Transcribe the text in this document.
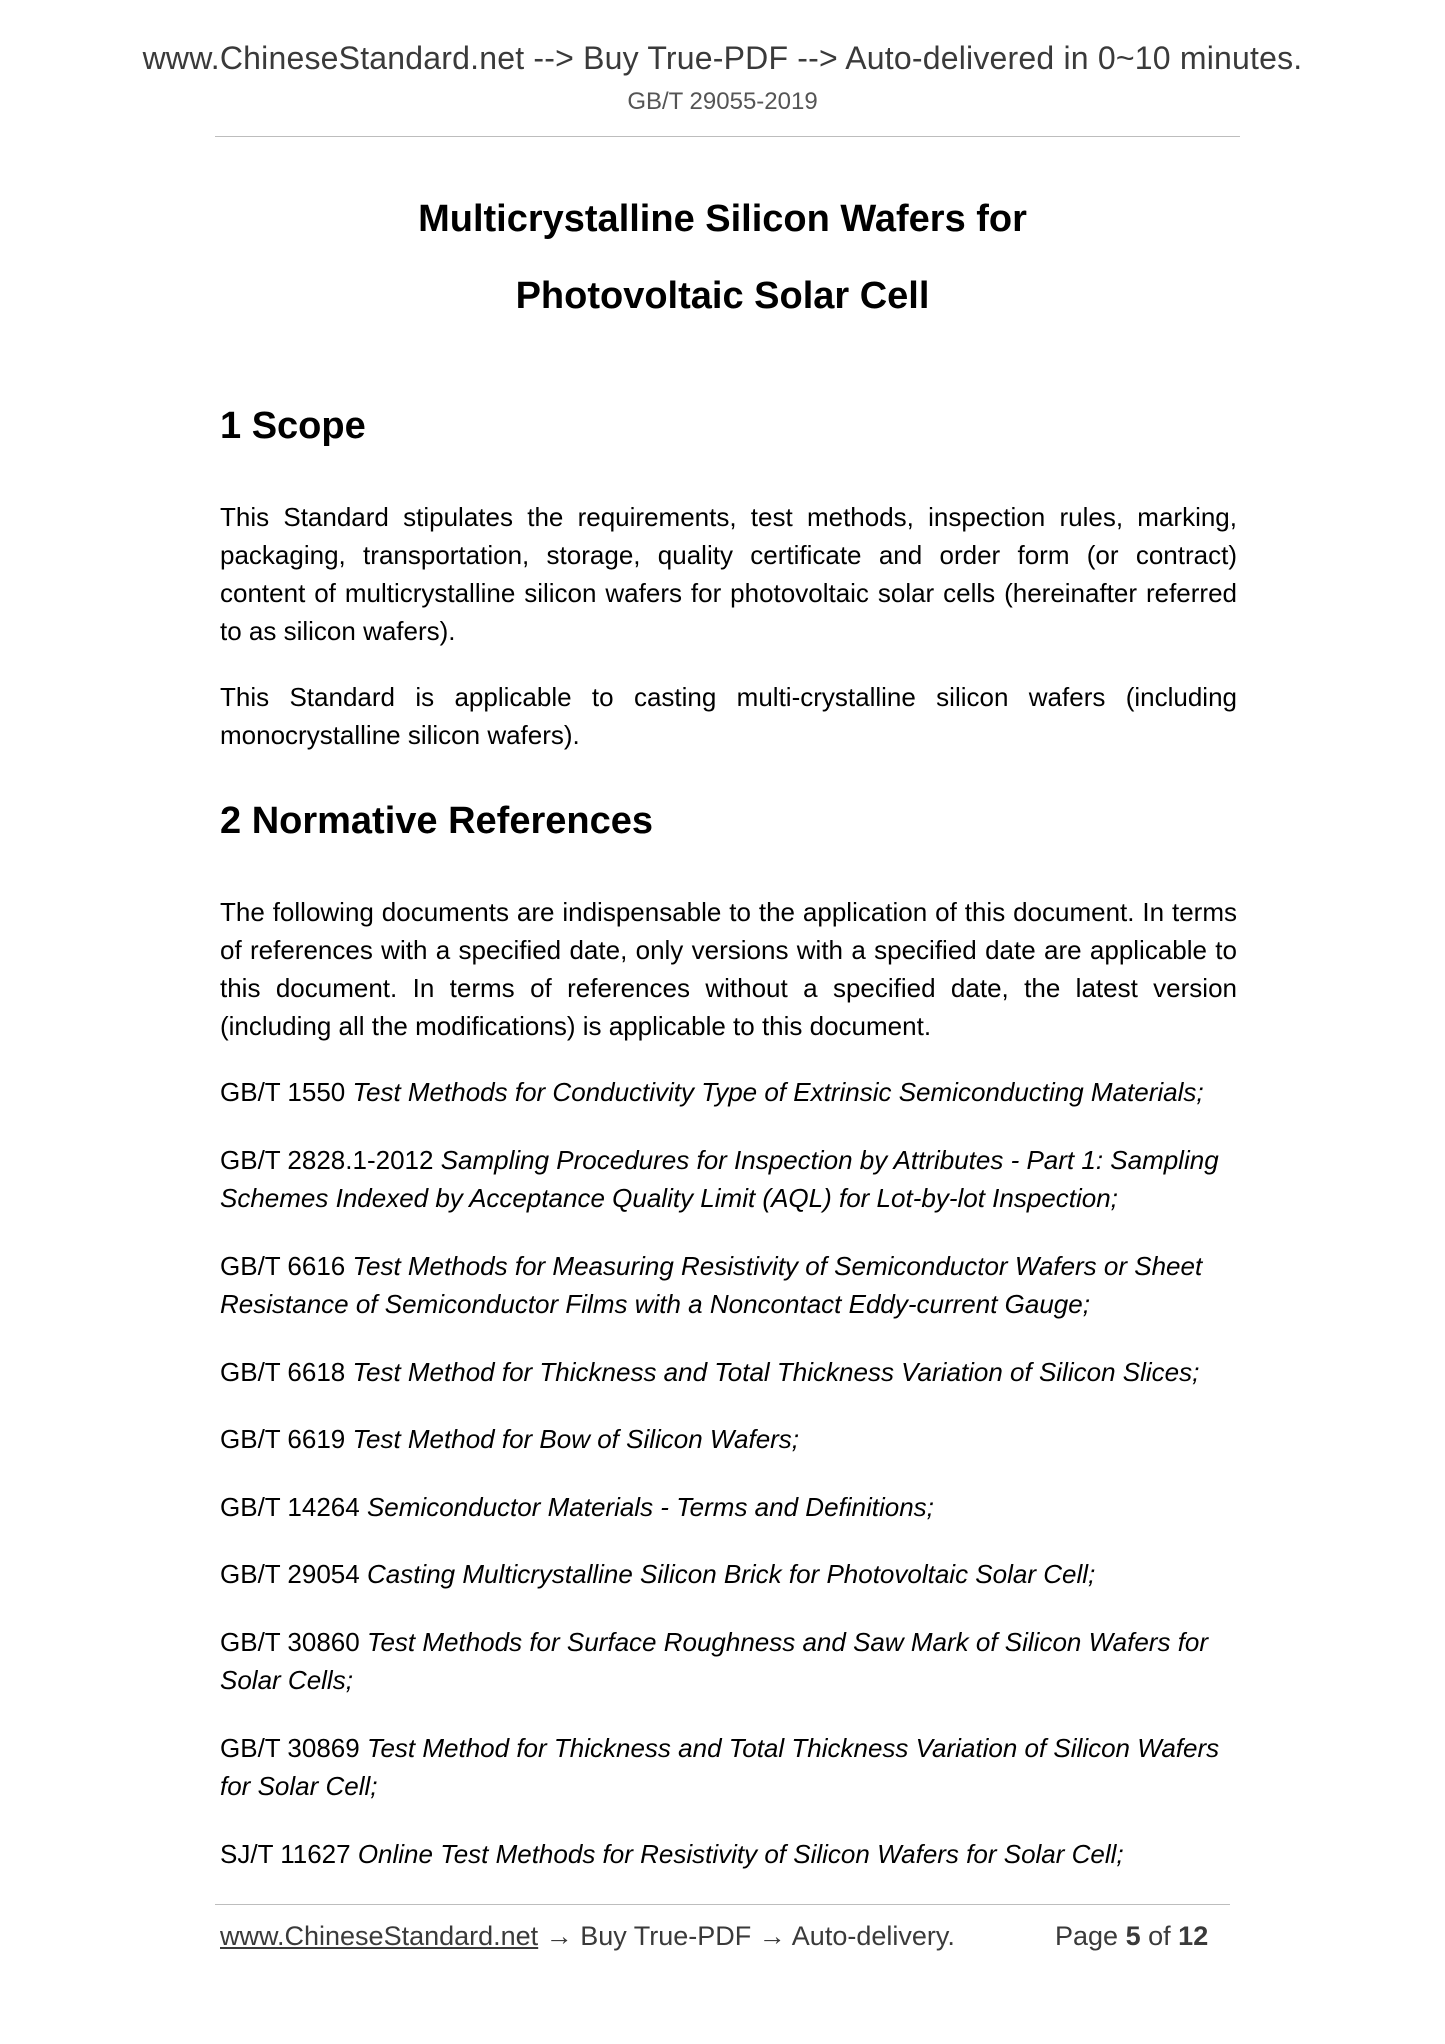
www.ChineseStandard.net --> Buy True-PDF --> Auto-delivered in 0~10 minutes.
GB/T 29055-2019
Multicrystalline Silicon Wafers for
Photovoltaic Solar Cell
1 Scope
This Standard stipulates the requirements, test methods, inspection rules, marking, packaging, transportation, storage, quality certificate and order form (or contract) content of multicrystalline silicon wafers for photovoltaic solar cells (hereinafter referred to as silicon wafers).
This Standard is applicable to casting multi-crystalline silicon wafers (including monocrystalline silicon wafers).
2 Normative References
The following documents are indispensable to the application of this document. In terms of references with a specified date, only versions with a specified date are applicable to this document. In terms of references without a specified date, the latest version (including all the modifications) is applicable to this document.
GB/T 1550 Test Methods for Conductivity Type of Extrinsic Semiconducting Materials;
GB/T 2828.1-2012 Sampling Procedures for Inspection by Attributes - Part 1: Sampling Schemes Indexed by Acceptance Quality Limit (AQL) for Lot-by-lot Inspection;
GB/T 6616 Test Methods for Measuring Resistivity of Semiconductor Wafers or Sheet Resistance of Semiconductor Films with a Noncontact Eddy-current Gauge;
GB/T 6618 Test Method for Thickness and Total Thickness Variation of Silicon Slices;
GB/T 6619 Test Method for Bow of Silicon Wafers;
GB/T 14264 Semiconductor Materials - Terms and Definitions;
GB/T 29054 Casting Multicrystalline Silicon Brick for Photovoltaic Solar Cell;
GB/T 30860 Test Methods for Surface Roughness and Saw Mark of Silicon Wafers for Solar Cells;
GB/T 30869 Test Method for Thickness and Total Thickness Variation of Silicon Wafers for Solar Cell;
SJ/T 11627 Online Test Methods for Resistivity of Silicon Wafers for Solar Cell;
www.ChineseStandard.net → Buy True-PDF → Auto-delivery.	Page 5 of 12
